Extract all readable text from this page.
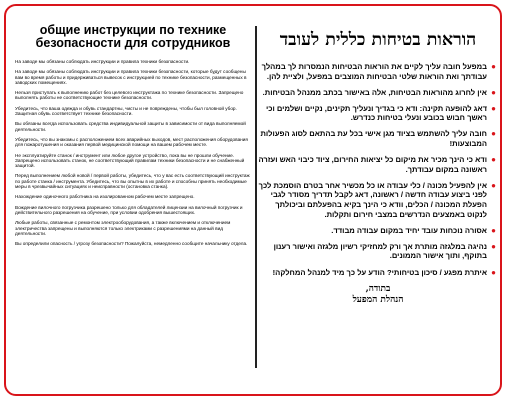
общие инструкции по технике безопасности для сотрудников
На заводе мы обязаны соблюдать инструкции и правила техники безопасности.
На заводе мы обязаны соблюдать инструкции и правила техники безопасности, которые будут сообщены вам во время работы и придерживаться вывесок с инструкцией по технике безопасности, размещенных в заводских помещениях.
Нельзя приступать к выполнению работ без целевого инструктажа по технике безопасности. Запрещено выполнять работы не соответствующие технике безопасности.
Убедитесь, что ваша одежда и обувь стандартны, чисты и не повреждены, чтобы был головной убор. Защитная обувь соответствует технике безопасности.
Вы обязаны всегда использовать средства индивидуальной защиты в зависимости от вида выполняемой деятельности.
Убедитесь, что вы знакомы с расположением всех аварийных выходов, мест расположения оборудования для пожаротушения и оказания первой медицинской помощи на вашем рабочем месте.
Не эксплуатируйте станок / инструмент или любое другое устройство, пока вы не прошли обучение. Запрещено использовать станок, не соответствующий правилам техники безопасности и не снабженный защитой.
Перед выполнением любой новой / первой работы, убедитесь, что у вас есть соответствующий инструктаж по работе станка / инструмента. Убедитесь, что вы опытны в их работе и способны принять необходимые меры в чрезвычайных ситуациях и неисправности (остановка станка).
Нахождение одиночного работника на изолированном рабочем месте запрещено.
Вождение вилочного погрузчика разрешено только для обладателей лицензии на вилочный погрузчик и действительного разрешения на обучение, при условии одобрения вышестоящих.
Любые работы, связанные с ремонтом электрооборудования, а также включением и отключением электричества запрещены и выполняются только электриками с разрешениями на данный вид деятельности.
Вы определили опасность / угрозу безопасности? Пожалуйста, немедленно сообщите начальнику отдела.
הוראות בטיחות כללית לעובד
●
במפעל חובה עליך לקיים את הוראות הבטיחות הנמסרות לך במהלך עבודתך ואת הוראות שלטי הבטיחות המוצבים במפעל, ולציית להן.
●
אין לחרוג מהוראות הבטיחות, אלה באישור בכתב ממנהל הבטיחות.
●
דאג להופעה תקינה: ודא כי בגדיך ונעליך תקינים, נקיים ושלמים וכי ראשך חבוש בכובע ונעלי בטיחות כנדרש.
●
חובה עליך להשתמש בציוד מגן אישי בכל עת בהתאם לסוג הפעולות המבוצעות!
●
ודא כי הינך מכיר את מיקום כל יציאות החירום, ציוד כיבוי האש ועזרה ראשונה במקום עבודתך.
●
אין להפעיל מכונה / כלי עבודה או כל מכשיר אחר בטרם הוסמכת לכך לפני ביצוע עבודה חדשה / ראשונה, דאג לקבל תדריך מסודר לגבי הפעלת המכונה / הכלים, וודא כי הינך בקיא בהפעלתם וביכולתך לנקוט באמצעים הנדרשים במצבי חירום ותקלות.
●
אסורה נוכחות עובד יחיד במקום עבודה מבודד.
●
נהיגה במלגזה מותרת אך ורק למחזיקי רשיון מלגזה ואישור רענון בתוקף, ותוך אישור הממונים.
●
איתרת מפגע / סיכון בטיחותי? הודע על כך מיד למנהל המחלקה!
בתודה,
הנהלת המפעל
